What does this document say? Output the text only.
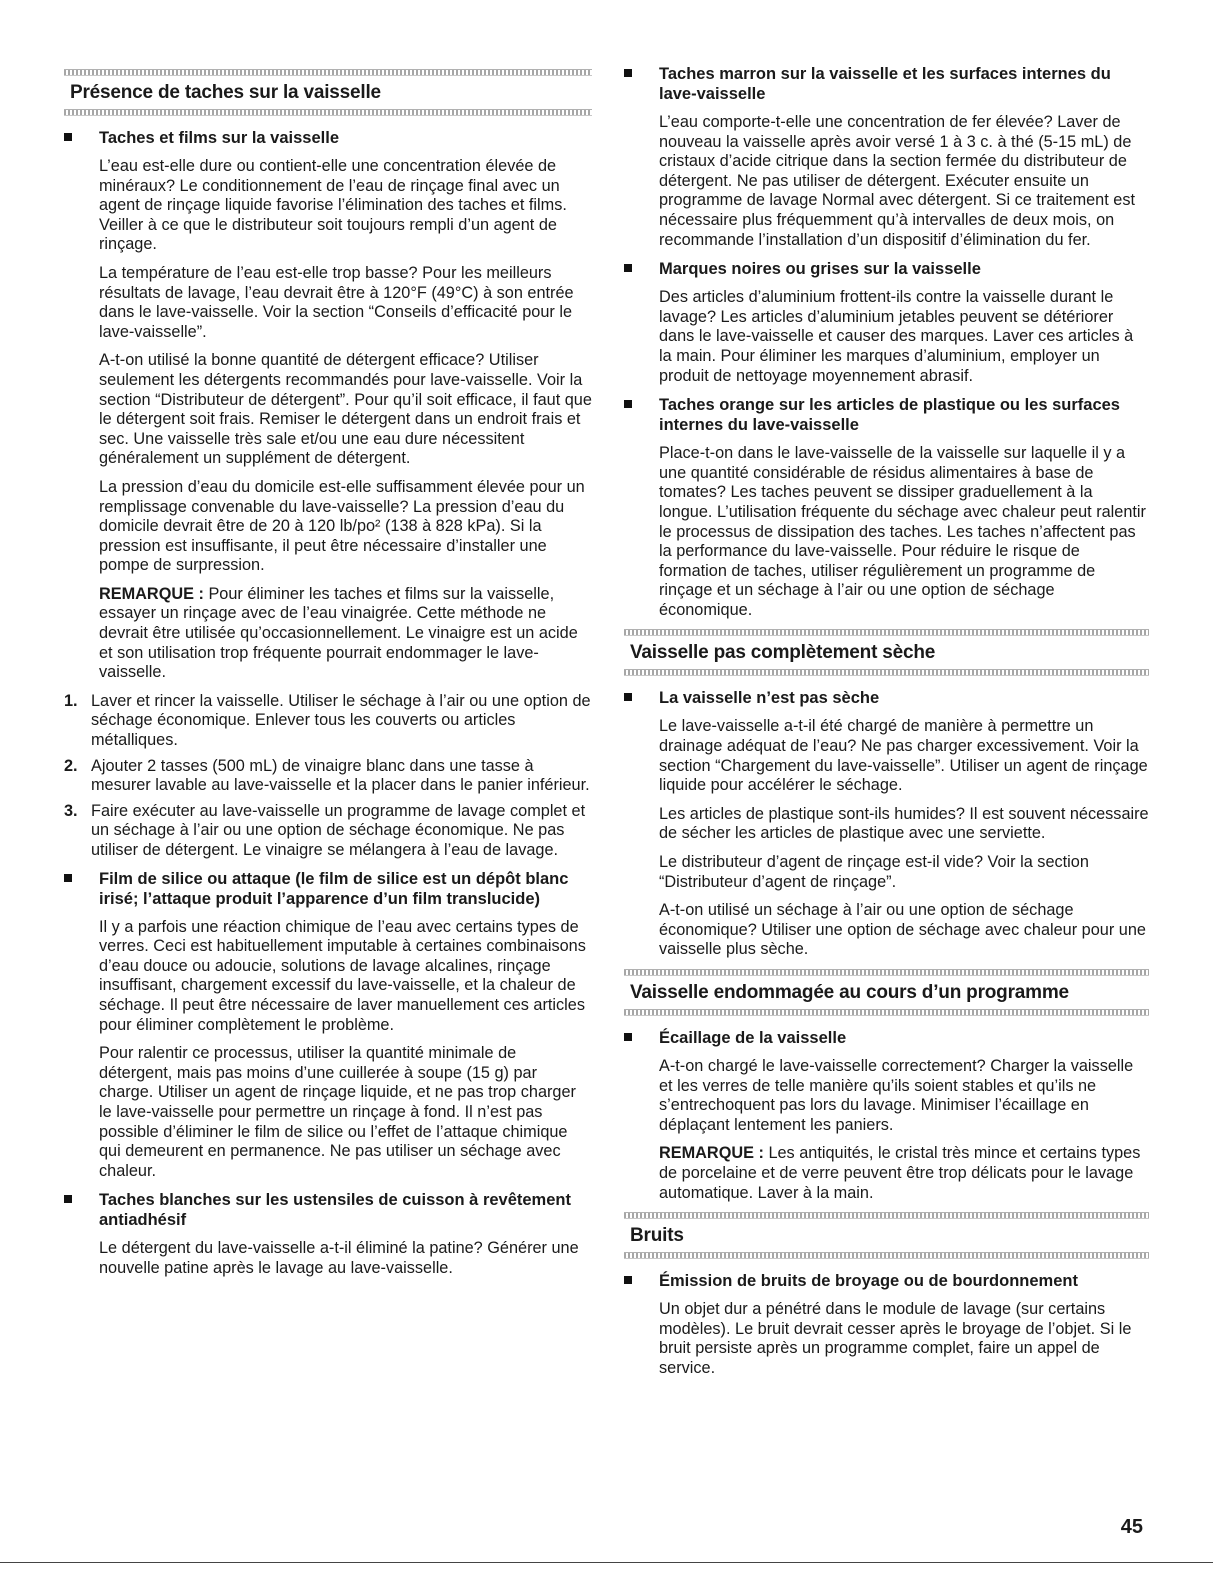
Présence de taches sur la vaisselle
Taches et films sur la vaisselle

L’eau est-elle dure ou contient-elle une concentration élevée de minéraux? Le conditionnement de l’eau de rinçage final avec un agent de rinçage liquide favorise l’élimination des taches et films. Veiller à ce que le distributeur soit toujours rempli d’un agent de rinçage.

La température de l’eau est-elle trop basse? Pour les meilleurs résultats de lavage, l’eau devrait être à 120°F (49°C) à son entrée dans le lave-vaisselle. Voir la section “Conseils d’efficacité pour le lave-vaisselle”.

A-t-on utilisé la bonne quantité de détergent efficace? Utiliser seulement les détergents recommandés pour lave-vaisselle. Voir la section “Distributeur de détergent”. Pour qu’il soit efficace, il faut que le détergent soit frais. Remiser le détergent dans un endroit frais et sec. Une vaisselle très sale et/ou une eau dure nécessitent généralement un supplément de détergent.

La pression d’eau du domicile est-elle suffisamment élevée pour un remplissage convenable du lave-vaisselle? La pression d’eau du domicile devrait être de 20 à 120 lb/po² (138 à 828 kPa). Si la pression est insuffisante, il peut être nécessaire d’installer une pompe de surpression.

REMARQUE : Pour éliminer les taches et films sur la vaisselle, essayer un rinçage avec de l’eau vinaigrée. Cette méthode ne devrait être utilisée qu’occasionnellement. Le vinaigre est un acide et son utilisation trop fréquente pourrait endommager le lave-vaisselle.

1. Laver et rincer la vaisselle. Utiliser le séchage à l’air ou une option de séchage économique. Enlever tous les couverts ou articles métalliques.
2. Ajouter 2 tasses (500 mL) de vinaigre blanc dans une tasse à mesurer lavable au lave-vaisselle et la placer dans le panier inférieur.
3. Faire exécuter au lave-vaisselle un programme de lavage complet et un séchage à l’air ou une option de séchage économique. Ne pas utiliser de détergent. Le vinaigre se mélangera à l’eau de lavage.
Film de silice ou attaque (le film de silice est un dépôt blanc irisé; l’attaque produit l’apparence d’un film translucide)

Il y a parfois une réaction chimique de l’eau avec certains types de verres. Ceci est habituellement imputable à certaines combinaisons d’eau douce ou adoucie, solutions de lavage alcalines, rinçage insuffisant, chargement excessif du lave-vaisselle, et la chaleur de séchage. Il peut être nécessaire de laver manuellement ces articles pour éliminer complètement le problème.

Pour ralentir ce processus, utiliser la quantité minimale de détergent, mais pas moins d’une cuillerée à soupe (15 g) par charge. Utiliser un agent de rinçage liquide, et ne pas trop charger le lave-vaisselle pour permettre un rinçage à fond. Il n’est pas possible d’éliminer le film de silice ou l’effet de l’attaque chimique qui demeurent en permanence. Ne pas utiliser un séchage avec chaleur.

Taches blanches sur les ustensiles de cuisson à revêtement antiadhésif

Le détergent du lave-vaisselle a-t-il éliminé la patine? Générer une nouvelle patine après le lavage au lave-vaisselle.

Taches marron sur la vaisselle et les surfaces internes du lave-vaisselle

L’eau comporte-t-elle une concentration de fer élevée? Laver de nouveau la vaisselle après avoir versé 1 à 3 c. à thé (5-15 mL) de cristaux d’acide citrique dans la section fermée du distributeur de détergent. Ne pas utiliser de détergent. Exécuter ensuite un programme de lavage Normal avec détergent. Si ce traitement est nécessaire plus fréquemment qu’à intervalles de deux mois, on recommande l’installation d’un dispositif d’élimination du fer.

Marques noires ou grises sur la vaisselle

Des articles d’aluminium frottent-ils contre la vaisselle durant le lavage? Les articles d’aluminium jetables peuvent se détériorer dans le lave-vaisselle et causer des marques. Laver ces articles à la main. Pour éliminer les marques d’aluminium, employer un produit de nettoyage moyennement abrasif.

Taches orange sur les articles de plastique ou les surfaces internes du lave-vaisselle

Place-t-on dans le lave-vaisselle de la vaisselle sur laquelle il y a une quantité considérable de résidus alimentaires à base de tomates? Les taches peuvent se dissiper graduellement à la longue. L’utilisation fréquente du séchage avec chaleur peut ralentir le processus de dissipation des taches. Les taches n’affectent pas la performance du lave-vaisselle. Pour réduire le risque de formation de taches, utiliser régulièrement un programme de rinçage et un séchage à l’air ou une option de séchage économique.

Vaisselle pas complètement sèche
La vaisselle n’est pas sèche

Le lave-vaisselle a-t-il été chargé de manière à permettre un drainage adéquat de l’eau? Ne pas charger excessivement. Voir la section “Chargement du lave-vaisselle”. Utiliser un agent de rinçage liquide pour accélérer le séchage.

Les articles de plastique sont-ils humides? Il est souvent nécessaire de sécher les articles de plastique avec une serviette.

Le distributeur d’agent de rinçage est-il vide? Voir la section “Distributeur d’agent de rinçage”.

A-t-on utilisé un séchage à l’air ou une option de séchage économique? Utiliser une option de séchage avec chaleur pour une vaisselle plus sèche.

Vaisselle endommagée au cours d’un programme
Écaillage de la vaisselle

A-t-on chargé le lave-vaisselle correctement? Charger la vaisselle et les verres de telle manière qu’ils soient stables et qu’ils ne s’entrechoquent pas lors du lavage. Minimiser l’écaillage en déplaçant lentement les paniers.

REMARQUE : Les antiquités, le cristal très mince et certains types de porcelaine et de verre peuvent être trop délicats pour le lavage automatique. Laver à la main.

Bruits
Émission de bruits de broyage ou de bourdonnement

Un objet dur a pénétré dans le module de lavage (sur certains modèles). Le bruit devrait cesser après le broyage de l’objet. Si le bruit persiste après un programme complet, faire un appel de service.

45
